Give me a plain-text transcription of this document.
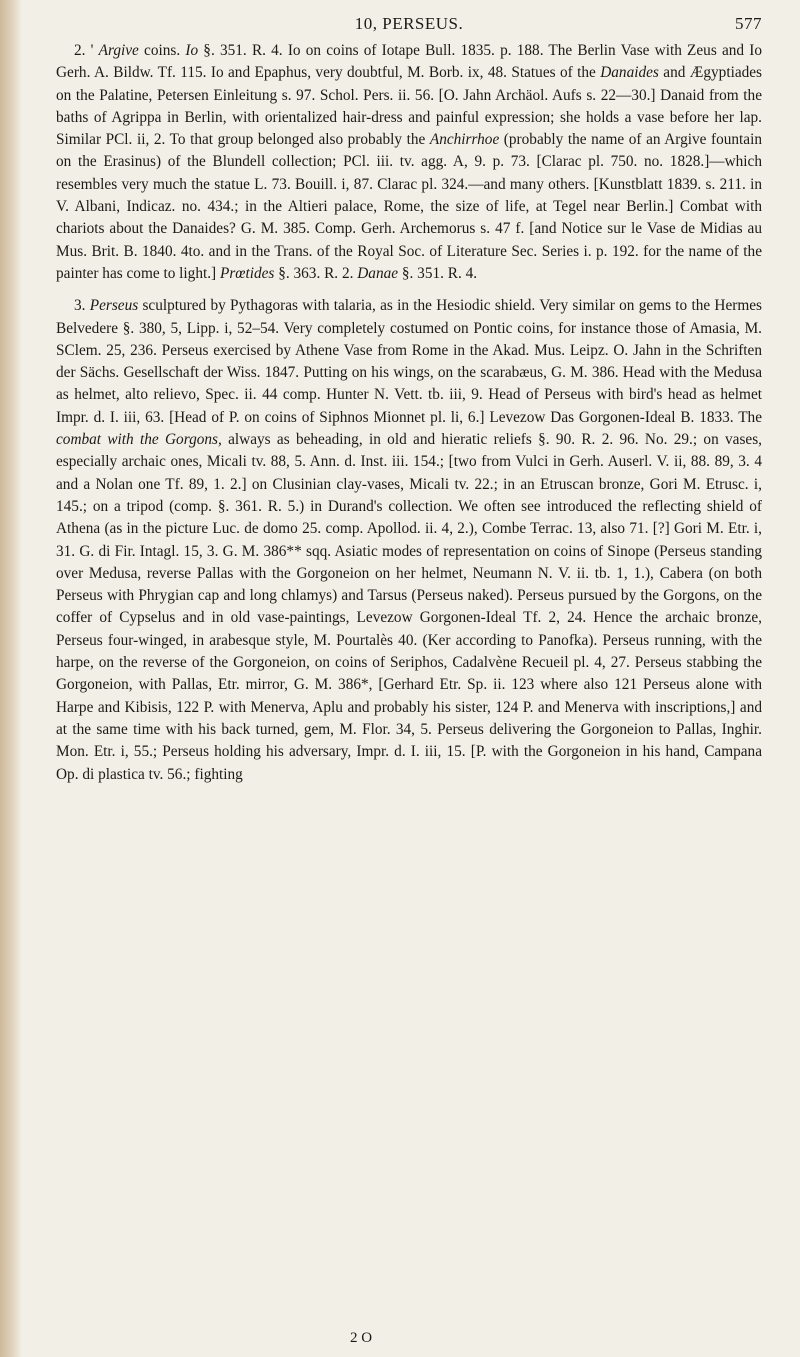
10, PERSEUS.	577

2. ' Argive coins. Io §. 351. R. 4. Io on coins of Iotape Bull. 1835. p. 188. The Berlin Vase with Zeus and Io Gerh. A. Bildw. Tf. 115. Io and Epaphus, very doubtful, M. Borb. ix, 48. Statues of the Danaides and Ægyptiades on the Palatine, Petersen Einleitung s. 97. Schol. Pers. ii. 56. [O. Jahn Archäol. Aufs s. 22—30.] Danaid from the baths of Agrippa in Berlin, with orientalized hair-dress and painful expression; she holds a vase before her lap. Similar PCl. ii, 2. To that group belonged also probably the Anchirrhoe (probably the name of an Argive fountain on the Erasinus) of the Blundell collection; PCl. iii. tv. agg. A, 9. p. 73. [Clarac pl. 750. no. 1828.]—which resembles very much the statue L. 73. Bouill. i, 87. Clarac pl. 324.—and many others. [Kunstblatt 1839. s. 211. in V. Albani, Indicaz. no. 434.; in the Altieri palace, Rome, the size of life, at Tegel near Berlin.] Combat with chariots about the Danaides? G. M. 385. Comp. Gerh. Archemorus s. 47 f. [and Notice sur le Vase de Midias au Mus. Brit. B. 1840. 4to. and in the Trans. of the Royal Soc. of Literature Sec. Series i. p. 192. for the name of the painter has come to light.] Prœtides §. 363. R. 2. Danae §. 351. R. 4.

3. Perseus sculptured by Pythagoras with talaria, as in the Hesiodic shield. Very similar on gems to the Hermes Belvedere §. 380, 5, Lipp. i, 52–54. Very completely costumed on Pontic coins, for instance those of Amasia, M. SClem. 25, 236. Perseus exercised by Athene Vase from Rome in the Akad. Mus. Leipz. O. Jahn in the Schriften der Sächs. Gesellschaft der Wiss. 1847. Putting on his wings, on the scarabæus, G. M. 386. Head with the Medusa as helmet, alto relievo, Spec. ii. 44 comp. Hunter N. Vett. tb. iii, 9. Head of Perseus with bird's head as helmet Impr. d. I. iii, 63. [Head of P. on coins of Siphnos Mionnet pl. li, 6.] Levezow Das Gorgonen-Ideal B. 1833. The combat with the Gorgons, always as beheading, in old and hieratic reliefs §. 90. R. 2. 96. No. 29.; on vases, especially archaic ones, Micali tv. 88, 5. Ann. d. Inst. iii. 154.; [two from Vulci in Gerh. Auserl. V. ii, 88. 89, 3. 4 and a Nolan one Tf. 89, 1. 2.] on Clusinian clay-vases, Micali tv. 22.; in an Etruscan bronze, Gori M. Etrusc. i, 145.; on a tripod (comp. §. 361. R. 5.) in Durand's collection. We often see introduced the reflecting shield of Athena (as in the picture Luc. de domo 25. comp. Apollod. ii. 4, 2.), Combe Terrac. 13, also 71. [?] Gori M. Etr. i, 31. G. di Fir. Intagl. 15, 3. G. M. 386** sqq. Asiatic modes of representation on coins of Sinope (Perseus standing over Medusa, reverse Pallas with the Gorgoneion on her helmet, Neumann N. V. ii. tb. 1, 1.), Cabera (on both Perseus with Phrygian cap and long chlamys) and Tarsus (Perseus naked). Perseus pursued by the Gorgons, on the coffer of Cypselus and in old vase-paintings, Levezow Gorgonen-Ideal Tf. 2, 24. Hence the archaic bronze, Perseus four-winged, in arabesque style, M. Pourtalès 40. (Ker according to Panofka). Perseus running, with the harpe, on the reverse of the Gorgoneion, on coins of Seriphos, Cadalvène Recueil pl. 4, 27. Perseus stabbing the Gorgoneion, with Pallas, Etr. mirror, G. M. 386*, [Gerhard Etr. Sp. ii. 123 where also 121 Perseus alone with Harpe and Kibisis, 122 P. with Menerva, Aplu and probably his sister, 124 P. and Menerva with inscriptions,] and at the same time with his back turned, gem, M. Flor. 34, 5. Perseus delivering the Gorgoneion to Pallas, Inghir. Mon. Etr. i, 55.; Perseus holding his adversary, Impr. d. I. iii, 15. [P. with the Gorgoneion in his hand, Campana Op. di plastica tv. 56.; fighting

2 O
